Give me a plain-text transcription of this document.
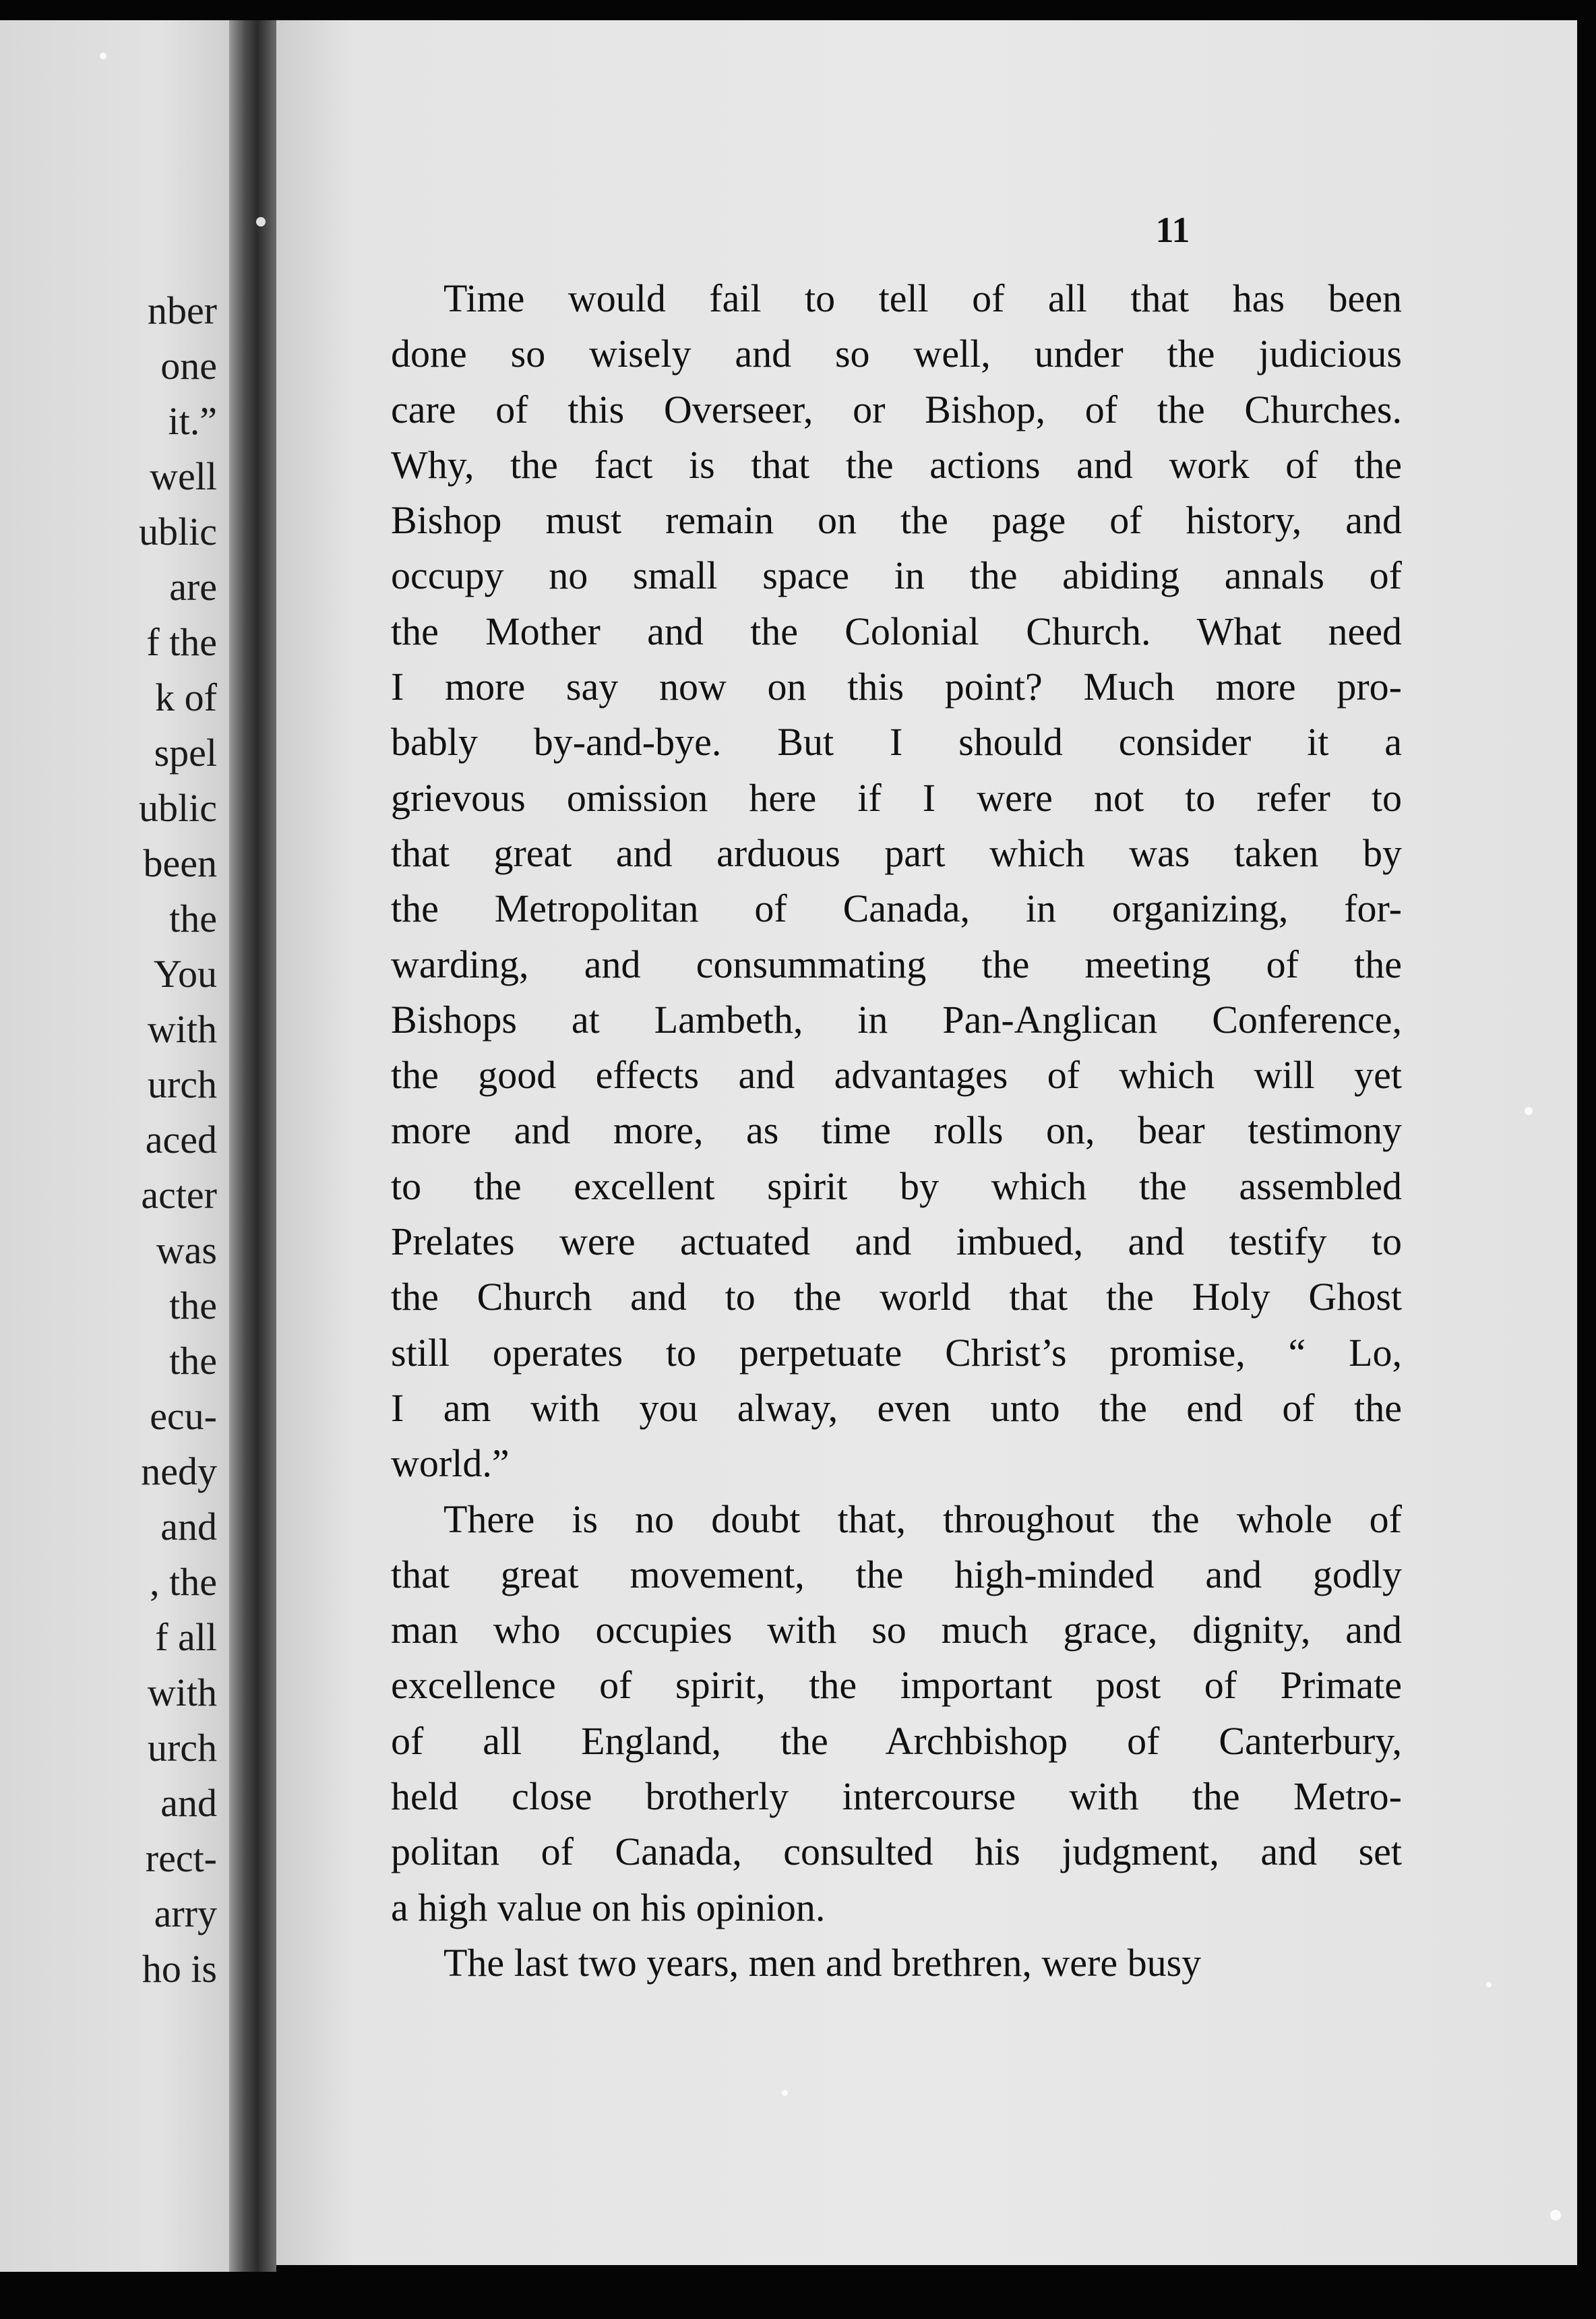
nber
one
it.”
well
ublic
are
f the
k of
spel
ublic
been
the
You
with
urch
aced
acter
was
the
the
ecu-
nedy
and
, the
f all
with
urch
and
rect-
arry
ho is
11
Time would fail to tell of all that has been
done so wisely and so well, under the judicious
care of this Overseer, or Bishop, of the Churches.
Why, the fact is that the actions and work of the
Bishop must remain on the page of history, and
occupy no small space in the abiding annals of
the Mother and the Colonial Church. What need
I more say now on this point? Much more pro-
bably by-and-bye. But I should consider it a
grievous omission here if I were not to refer to
that great and arduous part which was taken by
the Metropolitan of Canada, in organizing, for-
warding, and consummating the meeting of the
Bishops at Lambeth, in Pan-Anglican Conference,
the good effects and advantages of which will yet
more and more, as time rolls on, bear testimony
to the excellent spirit by which the assembled
Prelates were actuated and imbued, and testify to
the Church and to the world that the Holy Ghost
still operates to perpetuate Christ’s promise, “ Lo,
I am with you alway, even unto the end of the
world.”
There is no doubt that, throughout the whole of
that great movement, the high-minded and godly
man who occupies with so much grace, dignity, and
excellence of spirit, the important post of Primate
of all England, the Archbishop of Canterbury,
held close brotherly intercourse with the Metro-
politan of Canada, consulted his judgment, and set
a high value on his opinion.
The last two years, men and brethren, were busy
